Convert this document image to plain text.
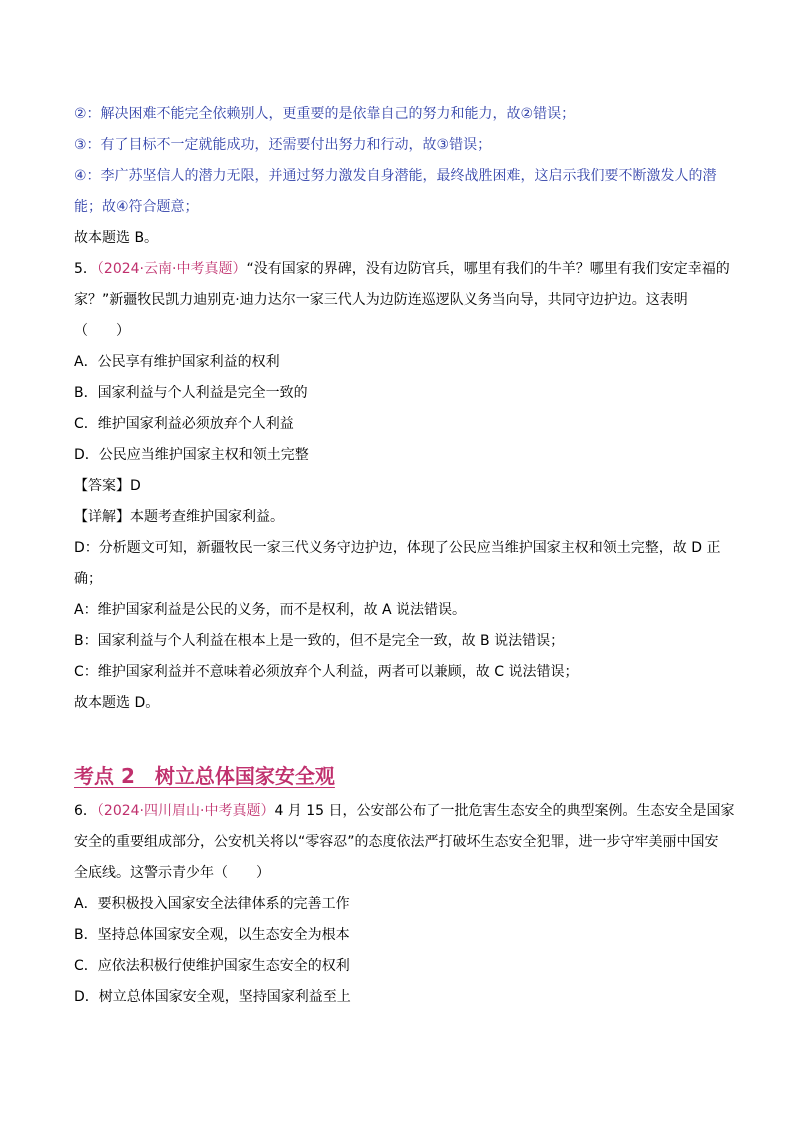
②：解决困难不能完全依赖别人，更重要的是依靠自己的努力和能力，故②错误；
③：有了目标不一定就能成功，还需要付出努力和行动，故③错误；
④：李广苏坚信人的潜力无限，并通过努力激发自身潜能，最终战胜困难，这启示我们要不断激发人的潜
能；故④符合题意；
故本题选 B。
5．（2024·云南·中考真题）“没有国家的界碑，没有边防官兵，哪里有我们的牛羊？哪里有我们安定幸福的
家？”新疆牧民凯力迪别克·迪力达尔一家三代人为边防连巡逻队义务当向导，共同守边护边。这表明
（　　）
A．公民享有维护国家利益的权利
B．国家利益与个人利益是完全一致的
C．维护国家利益必须放弃个人利益
D．公民应当维护国家主权和领土完整
【答案】D
【详解】本题考查维护国家利益。
D：分析题文可知，新疆牧民一家三代义务守边护边，体现了公民应当维护国家主权和领土完整，故 D 正
确；
A：维护国家利益是公民的义务，而不是权利，故 A 说法错误。
B：国家利益与个人利益在根本上是一致的，但不是完全一致，故 B 说法错误；
C：维护国家利益并不意味着必须放弃个人利益，两者可以兼顾，故 C 说法错误；
故本题选 D。
考点 2　树立总体国家安全观
6．（2024·四川眉山·中考真题）4 月 15 日，公安部公布了一批危害生态安全的典型案例。生态安全是国家
安全的重要组成部分，公安机关将以“零容忍”的态度依法严打破坏生态安全犯罪，进一步守牢美丽中国安
全底线。这警示青少年（　　）
A．要积极投入国家安全法律体系的完善工作
B．坚持总体国家安全观，以生态安全为根本
C．应依法积极行使维护国家生态安全的权利
D．树立总体国家安全观，坚持国家利益至上
